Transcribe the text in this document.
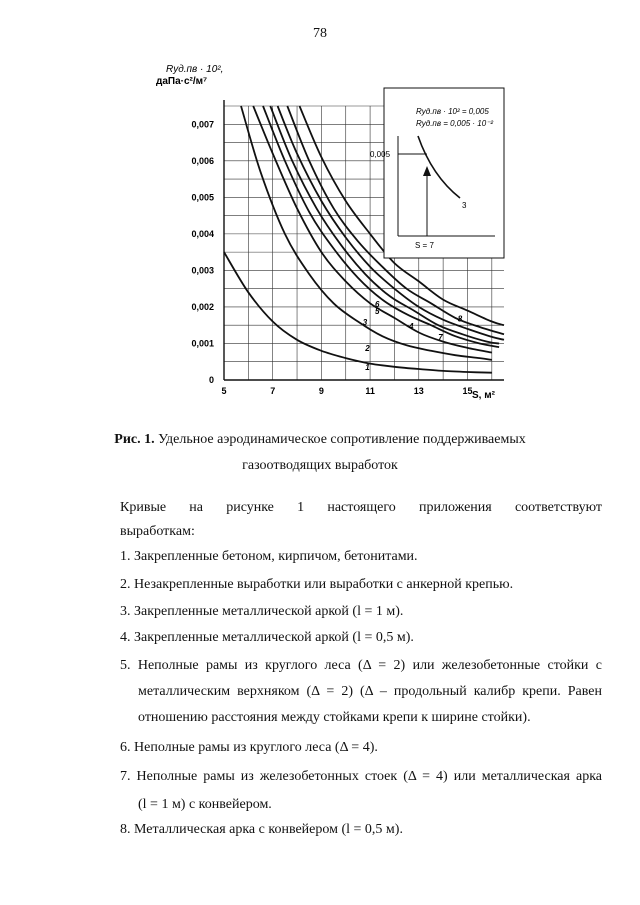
78
5	7	9	11	13	15
0
0,001
0,002
0,003
0,004
0,005
0,006
0,007
1
2
3	4
5
6
7
8
Rуд.пв · 10²,
даПа·с²/м⁷
S, м²
Rуд.пв · 10² = 0,005
Rуд.пв = 0,005 · 10⁻²
0,005
S = 7
3
Рис. 1. Удельное аэродинамическое сопротивление поддерживаемых
газоотводящих выработок
Кривые на рисунке 1 настоящего приложения соответствуют
выработкам:
1. Закрепленные бетоном, кирпичом, бетонитами.
2. Незакрепленные выработки или выработки с анкерной крепью.
3. Закрепленные металлической аркой (l = 1 м).
4. Закрепленные металлической аркой (l = 0,5 м).
5. Неполные рамы из круглого леса (Δ = 2) или железобетонные стойки с
металлическим верхняком (Δ = 2) (Δ – продольный калибр крепи. Равен
отношению расстояния между стойками крепи к ширине стойки).
6. Неполные рамы из круглого леса (Δ = 4).
7. Неполные рамы из железобетонных стоек (Δ = 4) или металлическая арка
(l = 1 м) с конвейером.
8. Металлическая арка с конвейером (l = 0,5 м).
